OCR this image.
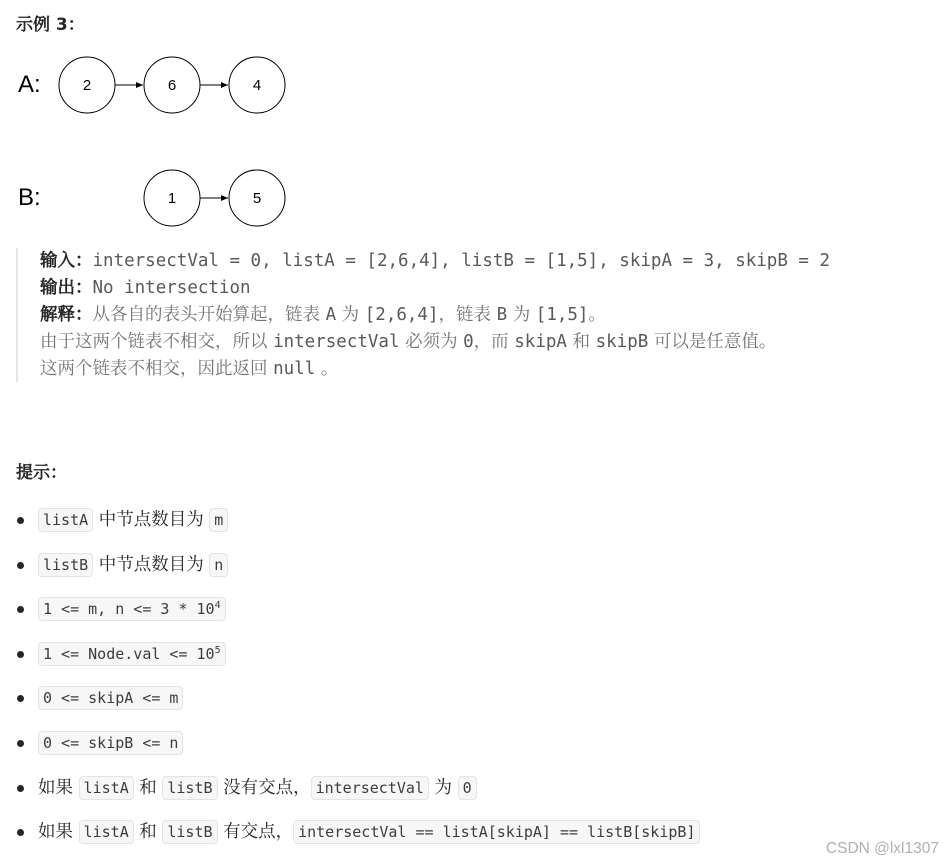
示例 3：
A:	2	6	4
B:	1	5
输入：intersectVal = 0, listA = [2,6,4], listB = [1,5], skipA = 3, skipB = 2
输出：No intersection
解释：从各自的表头开始算起，链表 A 为 [2,6,4]，链表 B 为 [1,5]。
由于这两个链表不相交，所以 intersectVal 必须为 0，而 skipA 和 skipB 可以是任意值。
这两个链表不相交，因此返回 null 。
提示：
listA 中节点数目为 m
listB 中节点数目为 n
1 <= m, $n <= 3 * 10^4$
1 <= Node.val <= $10^5$
0 <= skipA <= m
0 <= skipB <= n
如果 listA 和 listB 没有交点， intersectVal 为 0
如果 listA 和 listB 有交点， intersectVal == listA[skipA] == listB[skipB]
CSDN @lxl1307
